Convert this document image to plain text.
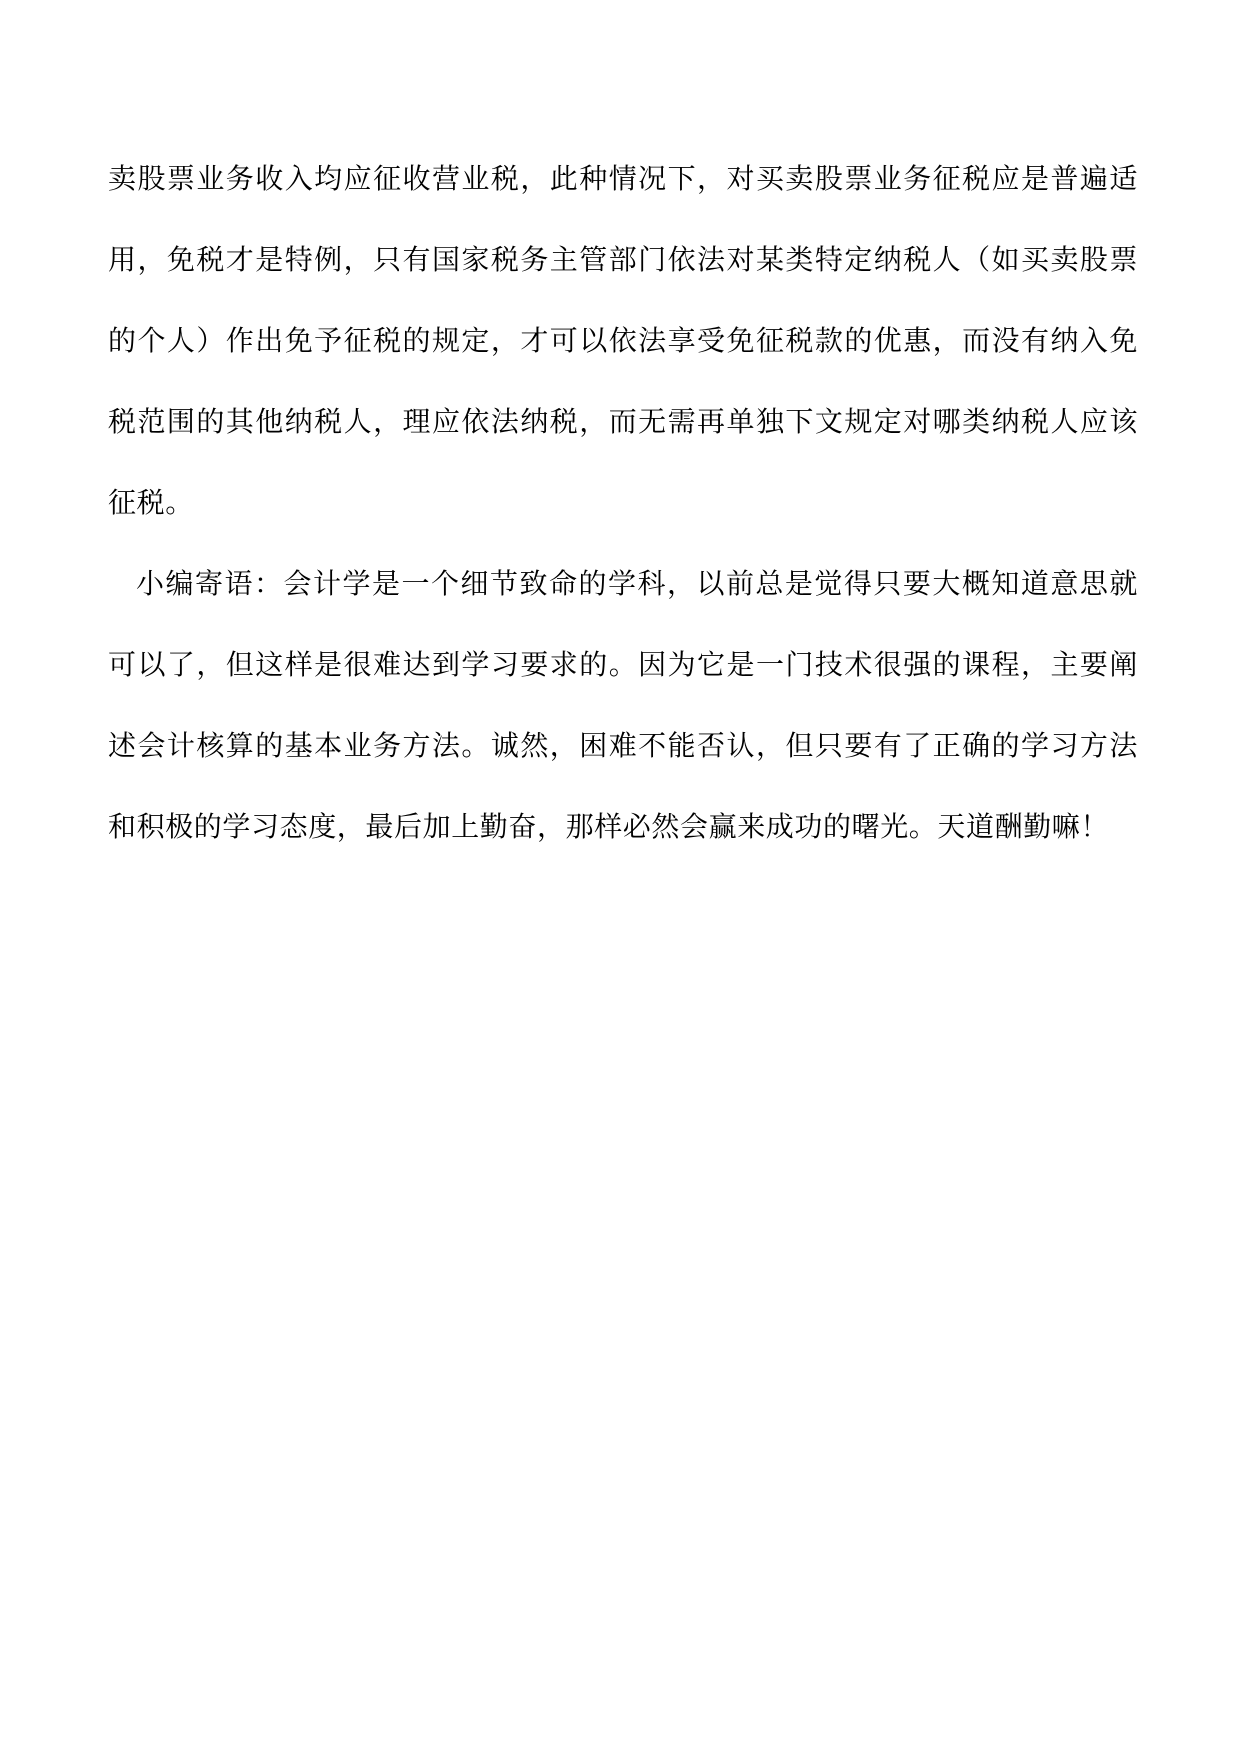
卖股票业务收入均应征收营业税，此种情况下，对买卖股票业务征税应是普遍适
用，免税才是特例，只有国家税务主管部门依法对某类特定纳税人（如买卖股票
的个人）作出免予征税的规定，才可以依法享受免征税款的优惠，而没有纳入免
税范围的其他纳税人，理应依法纳税，而无需再单独下文规定对哪类纳税人应该
征税。
小编寄语：会计学是一个细节致命的学科，以前总是觉得只要大概知道意思就
可以了，但这样是很难达到学习要求的。因为它是一门技术很强的课程，主要阐
述会计核算的基本业务方法。诚然，困难不能否认，但只要有了正确的学习方法
和积极的学习态度，最后加上勤奋，那样必然会赢来成功的曙光。天道酬勤嘛！
